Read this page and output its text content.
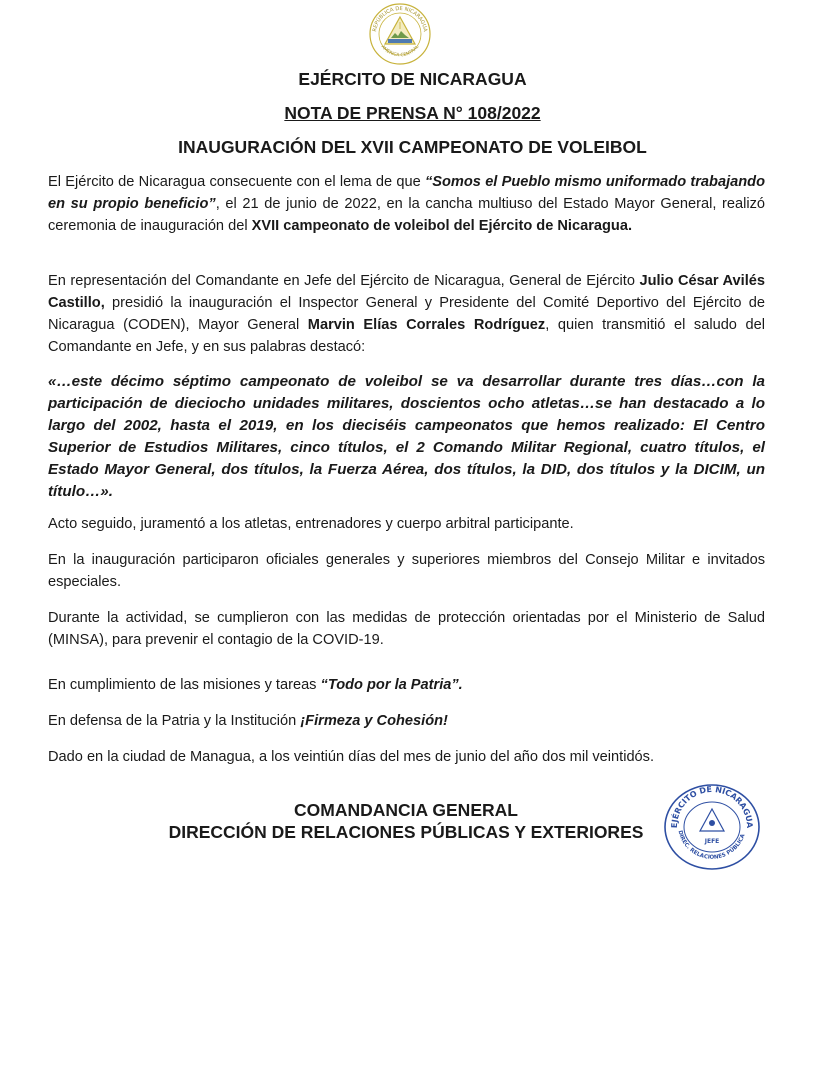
REPÚBLICA DE NICARAGUA
AMÉRICA CENTRAL
EJÉRCITO DE NICARAGUA
NOTA DE PRENSA N° 108/2022
INAUGURACIÓN DEL XVII CAMPEONATO DE VOLEIBOL

El Ejército de Nicaragua consecuente con el lema de que “Somos el Pueblo mismo uniformado trabajando en su propio beneficio”, el 21 de junio de 2022, en la cancha multiuso del Estado Mayor General, realizó ceremonia de inauguración del XVII campeonato de voleibol del Ejército de Nicaragua.

En representación del Comandante en Jefe del Ejército de Nicaragua, General de Ejército Julio César Avilés Castillo, presidió la inauguración el Inspector General y Presidente del Comité Deportivo del Ejército de Nicaragua (CODEN), Mayor General Marvin Elías Corrales Rodríguez, quien transmitió el saludo del Comandante en Jefe, y en sus palabras destacó:

«…este décimo séptimo campeonato de voleibol se va desarrollar durante tres días…con la participación de dieciocho unidades militares, doscientos ocho atletas…se han destacado a lo largo del 2002, hasta el 2019, en los dieciséis campeonatos que hemos realizado: El Centro Superior de Estudios Militares, cinco títulos, el 2 Comando Militar Regional, cuatro títulos, el Estado Mayor General, dos títulos, la Fuerza Aérea, dos títulos, la DID, dos títulos y la DICIM, un título…».

Acto seguido, juramentó a los atletas, entrenadores y cuerpo arbitral participante.

En la inauguración participaron oficiales generales y superiores miembros del Consejo Militar e invitados especiales.

Durante la actividad, se cumplieron con las medidas de protección orientadas por el Ministerio de Salud (MINSA), para prevenir el contagio de la COVID-19.

En cumplimiento de las misiones y tareas “Todo por la Patria”.

En defensa de la Patria y la Institución ¡Firmeza y Cohesión!

Dado en la ciudad de Managua, a los veintiún días del mes de junio del año dos mil veintidós.

COMANDANCIA GENERAL
DIRECCIÓN DE RELACIONES PÚBLICAS Y EXTERIORES	EJÉRCITO DE NICARAGUA
DIREC. RELACIONES PÚBLICA
JEFE
